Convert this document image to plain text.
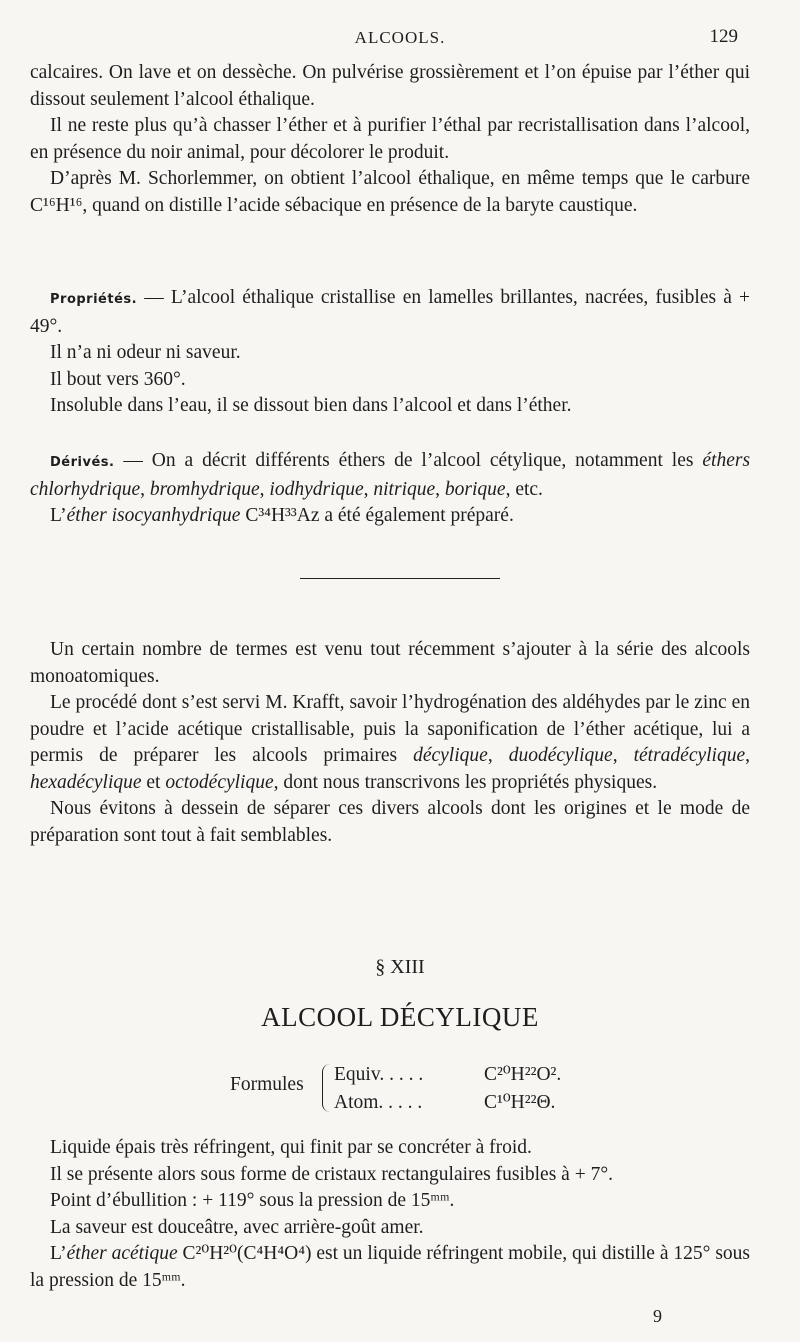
ALCOOLS.	129

calcaires. On lave et on dessèche. On pulvérise grossièrement et l’on épuise par l’éther qui dissout seulement l’alcool éthalique.

Il ne reste plus qu’à chasser l’éther et à purifier l’éthal par recristallisation dans l’alcool, en présence du noir animal, pour décolorer le produit.

D’après M. Schorlemmer, on obtient l’alcool éthalique, en même temps que le carbure C¹⁶H¹⁶, quand on distille l’acide sébacique en présence de la baryte caustique.

Propriétés. — L’alcool éthalique cristallise en lamelles brillantes, nacrées, fusibles à + 49°.

Il n’a ni odeur ni saveur.

Il bout vers 360°.

Insoluble dans l’eau, il se dissout bien dans l’alcool et dans l’éther.

Dérivés. — On a décrit différents éthers de l’alcool cétylique, notamment les éthers chlorhydrique, bromhydrique, iodhydrique, nitrique, borique, etc.

L’éther isocyanhydrique C³⁴H³³Az a été également préparé.

Un certain nombre de termes est venu tout récemment s’ajouter à la série des alcools monoatomiques.

Le procédé dont s’est servi M. Krafft, savoir l’hydrogénation des aldéhydes par le zinc en poudre et l’acide acétique cristallisable, puis la saponification de l’éther acétique, lui a permis de préparer les alcools primaires décylique, duodécylique, tétradécylique, hexadécylique et octodécylique, dont nous transcrivons les propriétés physiques.

Nous évitons à dessein de séparer ces divers alcools dont les origines et le mode de préparation sont tout à fait semblables.

§ XIII
ALCOOL DÉCYLIQUE
Formules Equiv. . . . .	C²⁰H²²O².
Atom. . . . .	C¹⁰H²²Θ.

Liquide épais très réfringent, qui finit par se concréter à froid.

Il se présente alors sous forme de cristaux rectangulaires fusibles à + 7°.

Point d’ébullition : + 119° sous la pression de 15ᵐᵐ.

La saveur est douceâtre, avec arrière-goût amer.

L’éther acétique C²⁰H²⁰(C⁴H⁴O⁴) est un liquide réfringent mobile, qui distille à 125° sous la pression de 15ᵐᵐ.

9
